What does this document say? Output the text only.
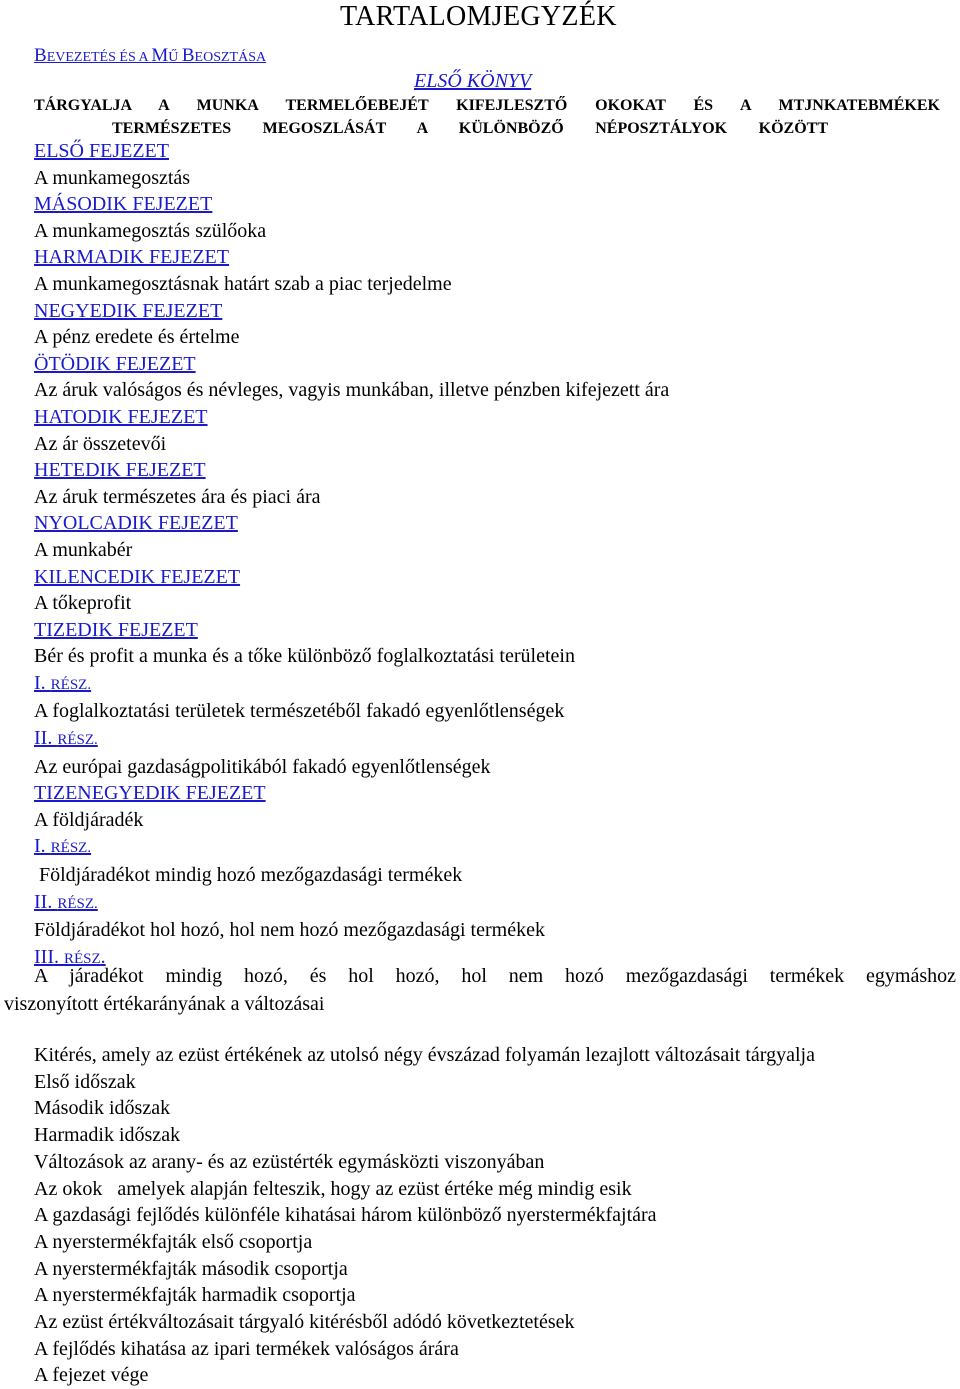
TARTALOMJEGYZÉK
BEVEZETÉS ÉS A MŰ BEOSZTÁSA
ELSŐ KÖNYV
TÁRGYALJA A MUNKA TERMELŐEBEJÉT KIFEJLESZTŐ OKOKAT ÉS A MTJNKATEBMÉKEK
TERMÉSZETES MEGOSZLÁSÁT A KÜLÖNBÖZŐ NÉPOSZTÁLYOK KÖZÖTT
ELSŐ FEJEZET
A munkamegosztás
MÁSODIK FEJEZET
A munkamegosztás szülőoka
HARMADIK FEJEZET
A munkamegosztásnak határt szab a piac terjedelme
NEGYEDIK FEJEZET
A pénz eredete és értelme
ÖTÖDIK FEJEZET
Az áruk valóságos és névleges, vagyis munkában, illetve pénzben kifejezett ára
HATODIK FEJEZET
Az ár összetevői
HETEDIK FEJEZET
Az áruk természetes ára és piaci ára
NYOLCADIK FEJEZET
A munkabér
KILENCEDIK FEJEZET
A tőkeprofit
TIZEDIK FEJEZET
Bér és profit a munka és a tőke különböző foglalkoztatási területein
I. RÉSZ.
A foglalkoztatási területek természetéből fakadó egyenlőtlenségek
II. RÉSZ.
Az európai gazdaságpolitikából fakadó egyenlőtlenségek
TIZENEGYEDIK FEJEZET
A földjáradék
I. RÉSZ.
Földjáradékot mindig hozó mezőgazdasági termékek
II. RÉSZ.
Földjáradékot hol hozó, hol nem hozó mezőgazdasági termékek
III. RÉSZ.
A járadékot mindig hozó, és hol hozó, hol nem hozó mezőgazdasági termékek egymáshoz
viszonyított értékarányának a változásai
Kitérés, amely az ezüst értékének az utolsó négy évszázad folyamán lezajlott változásait tárgyalja
Első időszak
Második időszak
Harmadik időszak
Változások az arany- és az ezüstérték egymásközti viszonyában
Az okok   amelyek alapján felteszik, hogy az ezüst értéke még mindig esik
A gazdasági fejlődés különféle kihatásai három különböző nyerstermékfajtára
A nyerstermékfajták első csoportja
A nyerstermékfajták második csoportja
A nyerstermékfajták harmadik csoportja
Az ezüst értékváltozásait tárgyaló kitérésből adódó következtetések
A fejlődés kihatása az ipari termékek valóságos árára
A fejezet vége
